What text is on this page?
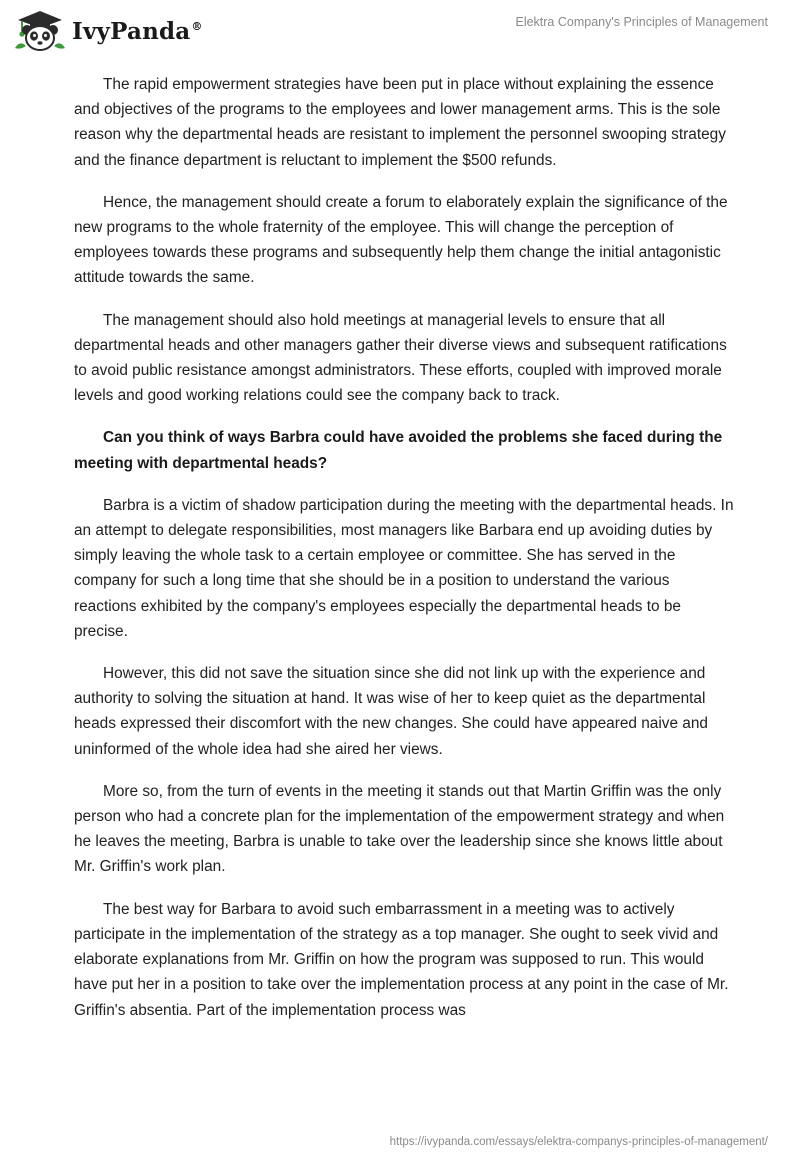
IvyPanda®	Elektra Company's Principles of Management

The rapid empowerment strategies have been put in place without explaining the essence and objectives of the programs to the employees and lower management arms. This is the sole reason why the departmental heads are resistant to implement the personnel swooping strategy and the finance department is reluctant to implement the $500 refunds.

Hence, the management should create a forum to elaborately explain the significance of the new programs to the whole fraternity of the employee. This will change the perception of employees towards these programs and subsequently help them change the initial antagonistic attitude towards the same.

The management should also hold meetings at managerial levels to ensure that all departmental heads and other managers gather their diverse views and subsequent ratifications to avoid public resistance amongst administrators. These efforts, coupled with improved morale levels and good working relations could see the company back to track.

Can you think of ways Barbra could have avoided the problems she faced during the meeting with departmental heads?

Barbra is a victim of shadow participation during the meeting with the departmental heads. In an attempt to delegate responsibilities, most managers like Barbara end up avoiding duties by simply leaving the whole task to a certain employee or committee. She has served in the company for such a long time that she should be in a position to understand the various reactions exhibited by the company's employees especially the departmental heads to be precise.

However, this did not save the situation since she did not link up with the experience and authority to solving the situation at hand. It was wise of her to keep quiet as the departmental heads expressed their discomfort with the new changes. She could have appeared naive and uninformed of the whole idea had she aired her views.

More so, from the turn of events in the meeting it stands out that Martin Griffin was the only person who had a concrete plan for the implementation of the empowerment strategy and when he leaves the meeting, Barbra is unable to take over the leadership since she knows little about Mr. Griffin's work plan.

The best way for Barbara to avoid such embarrassment in a meeting was to actively participate in the implementation of the strategy as a top manager. She ought to seek vivid and elaborate explanations from Mr. Griffin on how the program was supposed to run. This would have put her in a position to take over the implementation process at any point in the case of Mr. Griffin's absentia. Part of the implementation process was

https://ivypanda.com/essays/elektra-companys-principles-of-management/
